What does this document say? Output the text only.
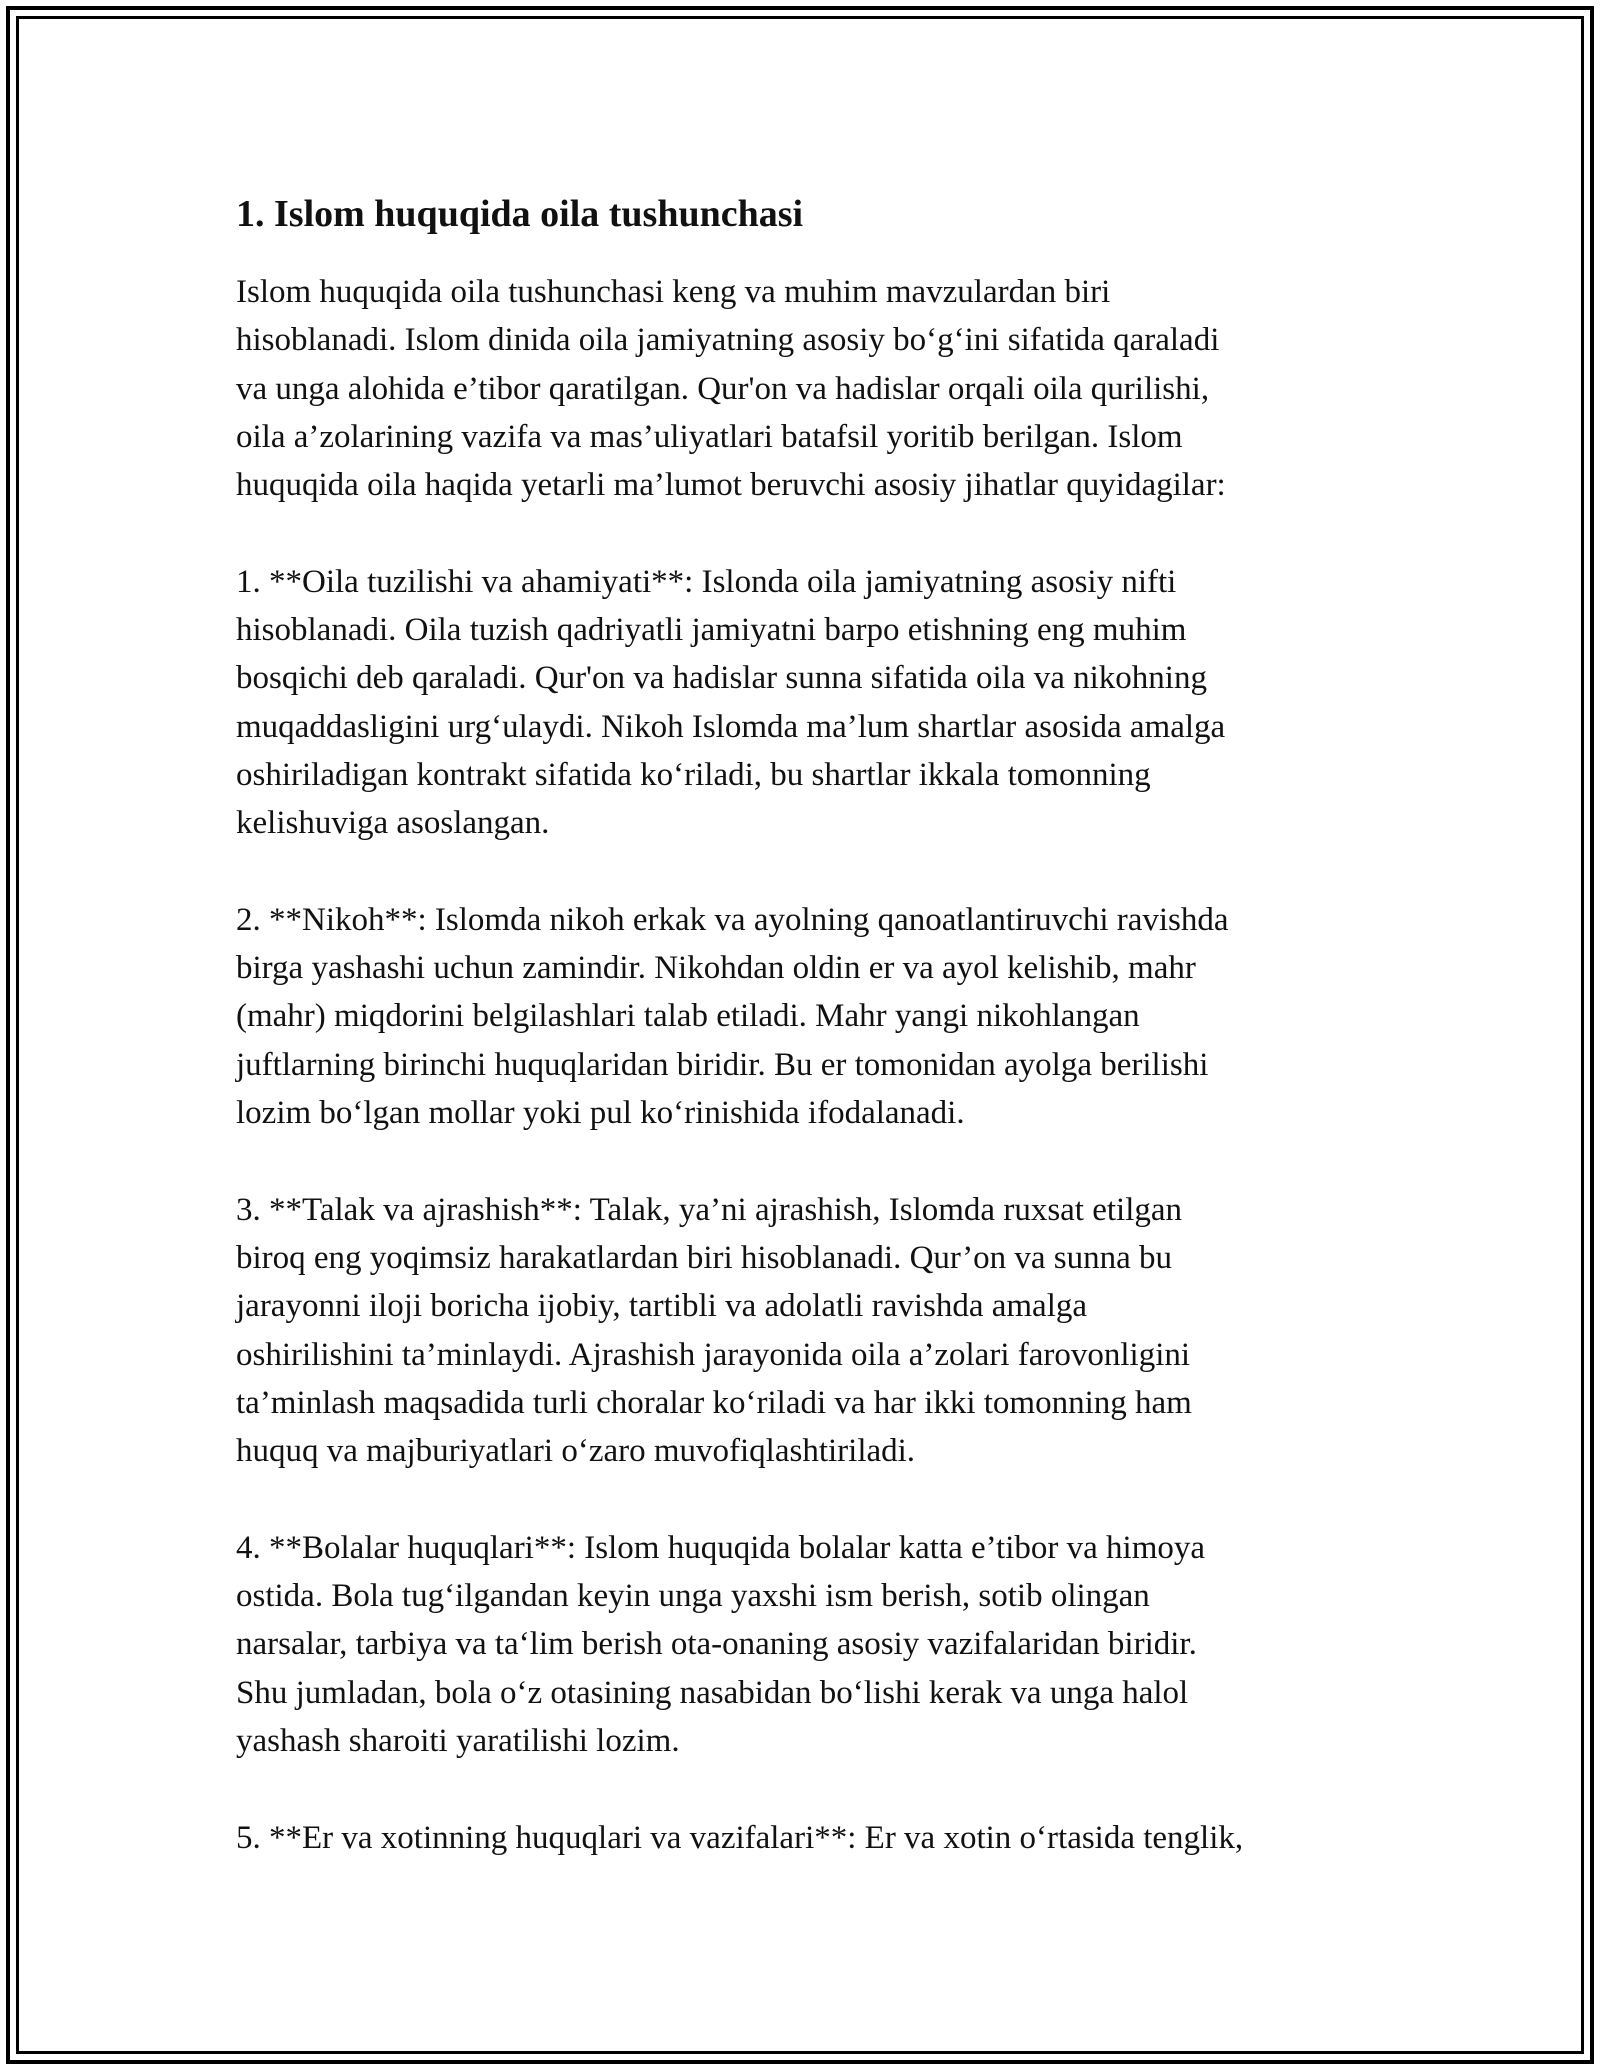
1. Islom huquqida oila tushunchasi

Islom huquqida oila tushunchasi keng va muhim mavzulardan biri
hisoblanadi. Islom dinida oila jamiyatning asosiy bo‘g‘ini sifatida qaraladi
va unga alohida e’tibor qaratilgan. Qur'on va hadislar orqali oila qurilishi,
oila a’zolarining vazifa va mas’uliyatlari batafsil yoritib berilgan. Islom
huquqida oila haqida yetarli ma’lumot beruvchi asosiy jihatlar quyidagilar:

1. **Oila tuzilishi va ahamiyati**: Islonda oila jamiyatning asosiy nifti
hisoblanadi. Oila tuzish qadriyatli jamiyatni barpo etishning eng muhim
bosqichi deb qaraladi. Qur'on va hadislar sunna sifatida oila va nikohning
muqaddasligini urg‘ulaydi. Nikoh Islomda ma’lum shartlar asosida amalga
oshiriladigan kontrakt sifatida ko‘riladi, bu shartlar ikkala tomonning
kelishuviga asoslangan.

2. **Nikoh**: Islomda nikoh erkak va ayolning qanoatlantiruvchi ravishda
birga yashashi uchun zamindir. Nikohdan oldin er va ayol kelishib, mahr
(mahr) miqdorini belgilashlari talab etiladi. Mahr yangi nikohlangan
juftlarning birinchi huquqlaridan biridir. Bu er tomonidan ayolga berilishi
lozim bo‘lgan mollar yoki pul ko‘rinishida ifodalanadi.

3. **Talak va ajrashish**: Talak, ya’ni ajrashish, Islomda ruxsat etilgan
biroq eng yoqimsiz harakatlardan biri hisoblanadi. Qur’on va sunna bu
jarayonni iloji boricha ijobiy, tartibli va adolatli ravishda amalga
oshirilishini ta’minlaydi. Ajrashish jarayonida oila a’zolari farovonligini
ta’minlash maqsadida turli choralar ko‘riladi va har ikki tomonning ham
huquq va majburiyatlari o‘zaro muvofiqlashtiriladi.

4. **Bolalar huquqlari**: Islom huquqida bolalar katta e’tibor va himoya
ostida. Bola tug‘ilgandan keyin unga yaxshi ism berish, sotib olingan
narsalar, tarbiya va ta‘lim berish ota-onaning asosiy vazifalaridan biridir.
Shu jumladan, bola o‘z otasining nasabidan bo‘lishi kerak va unga halol
yashash sharoiti yaratilishi lozim.

5. **Er va xotinning huquqlari va vazifalari**: Er va xotin o‘rtasida tenglik,
